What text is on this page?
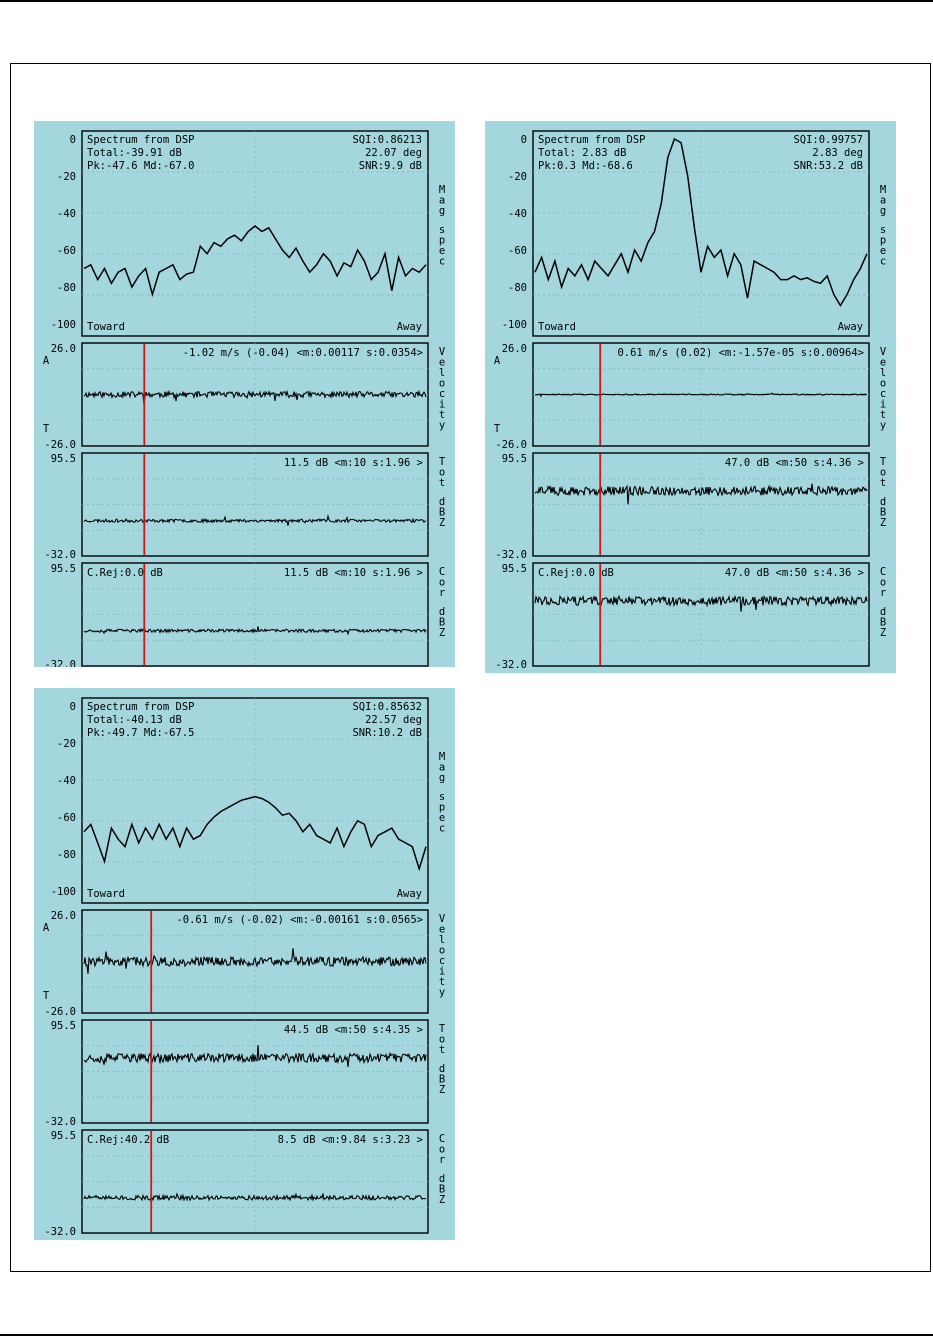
0
-20
-40
-60
-80
-100
Spectrum from DSP
Total:-39.91 dB
Pk:-47.6 Md:-67.0
SQI:0.86213
22.07 deg
SNR:9.9 dB
Toward	Away
M
a
g
s
p
e
c
26.0
-26.0
-1.02 m/s (-0.04) <m:0.00117 s:0.0354>
A
T
V
e
l
o
c
i
t
y
95.5
-32.0
11.5 dB <m:10 s:1.96 > T
o
t
d
B
Z
95.5
-32.0
11.5 dB <m:10 s:1.96 >
C.Rej:0.0 dB	C
o
r
d
B
Z
0
-20
-40
-60
-80
-100
Spectrum from DSP
Total: 2.83 dB
Pk:0.3 Md:-68.6
SQI:0.99757
2.83 deg
SNR:53.2 dB
Toward	Away
M
a
g
s
p
e
c
26.0
-26.0
0.61 m/s (0.02) <m:-1.57e-05 s:0.00964>
A
T
V
e
l
o
c
i
t
y
95.5
-32.0
47.0 dB <m:50 s:4.36 > T
o
t
d
B
Z
95.5
-32.0
47.0 dB <m:50 s:4.36 >
C.Rej:0.0 dB	C
o
r
d
B
Z
0
-20
-40
-60
-80
-100
Spectrum from DSP
Total:-40.13 dB
Pk:-49.7 Md:-67.5
SQI:0.85632
22.57 deg
SNR:10.2 dB
Toward	Away
M
a
g
s
p
e
c
26.0
-26.0
-0.61 m/s (-0.02) <m:-0.00161 s:0.0565>
A
T
V
e
l
o
c
i
t
y
95.5
-32.0
44.5 dB <m:50 s:4.35 > T
o
t
d
B
Z
95.5
-32.0
8.5 dB <m:9.84 s:3.23 >
C.Rej:40.2 dB	C
o
r
d
B
Z
